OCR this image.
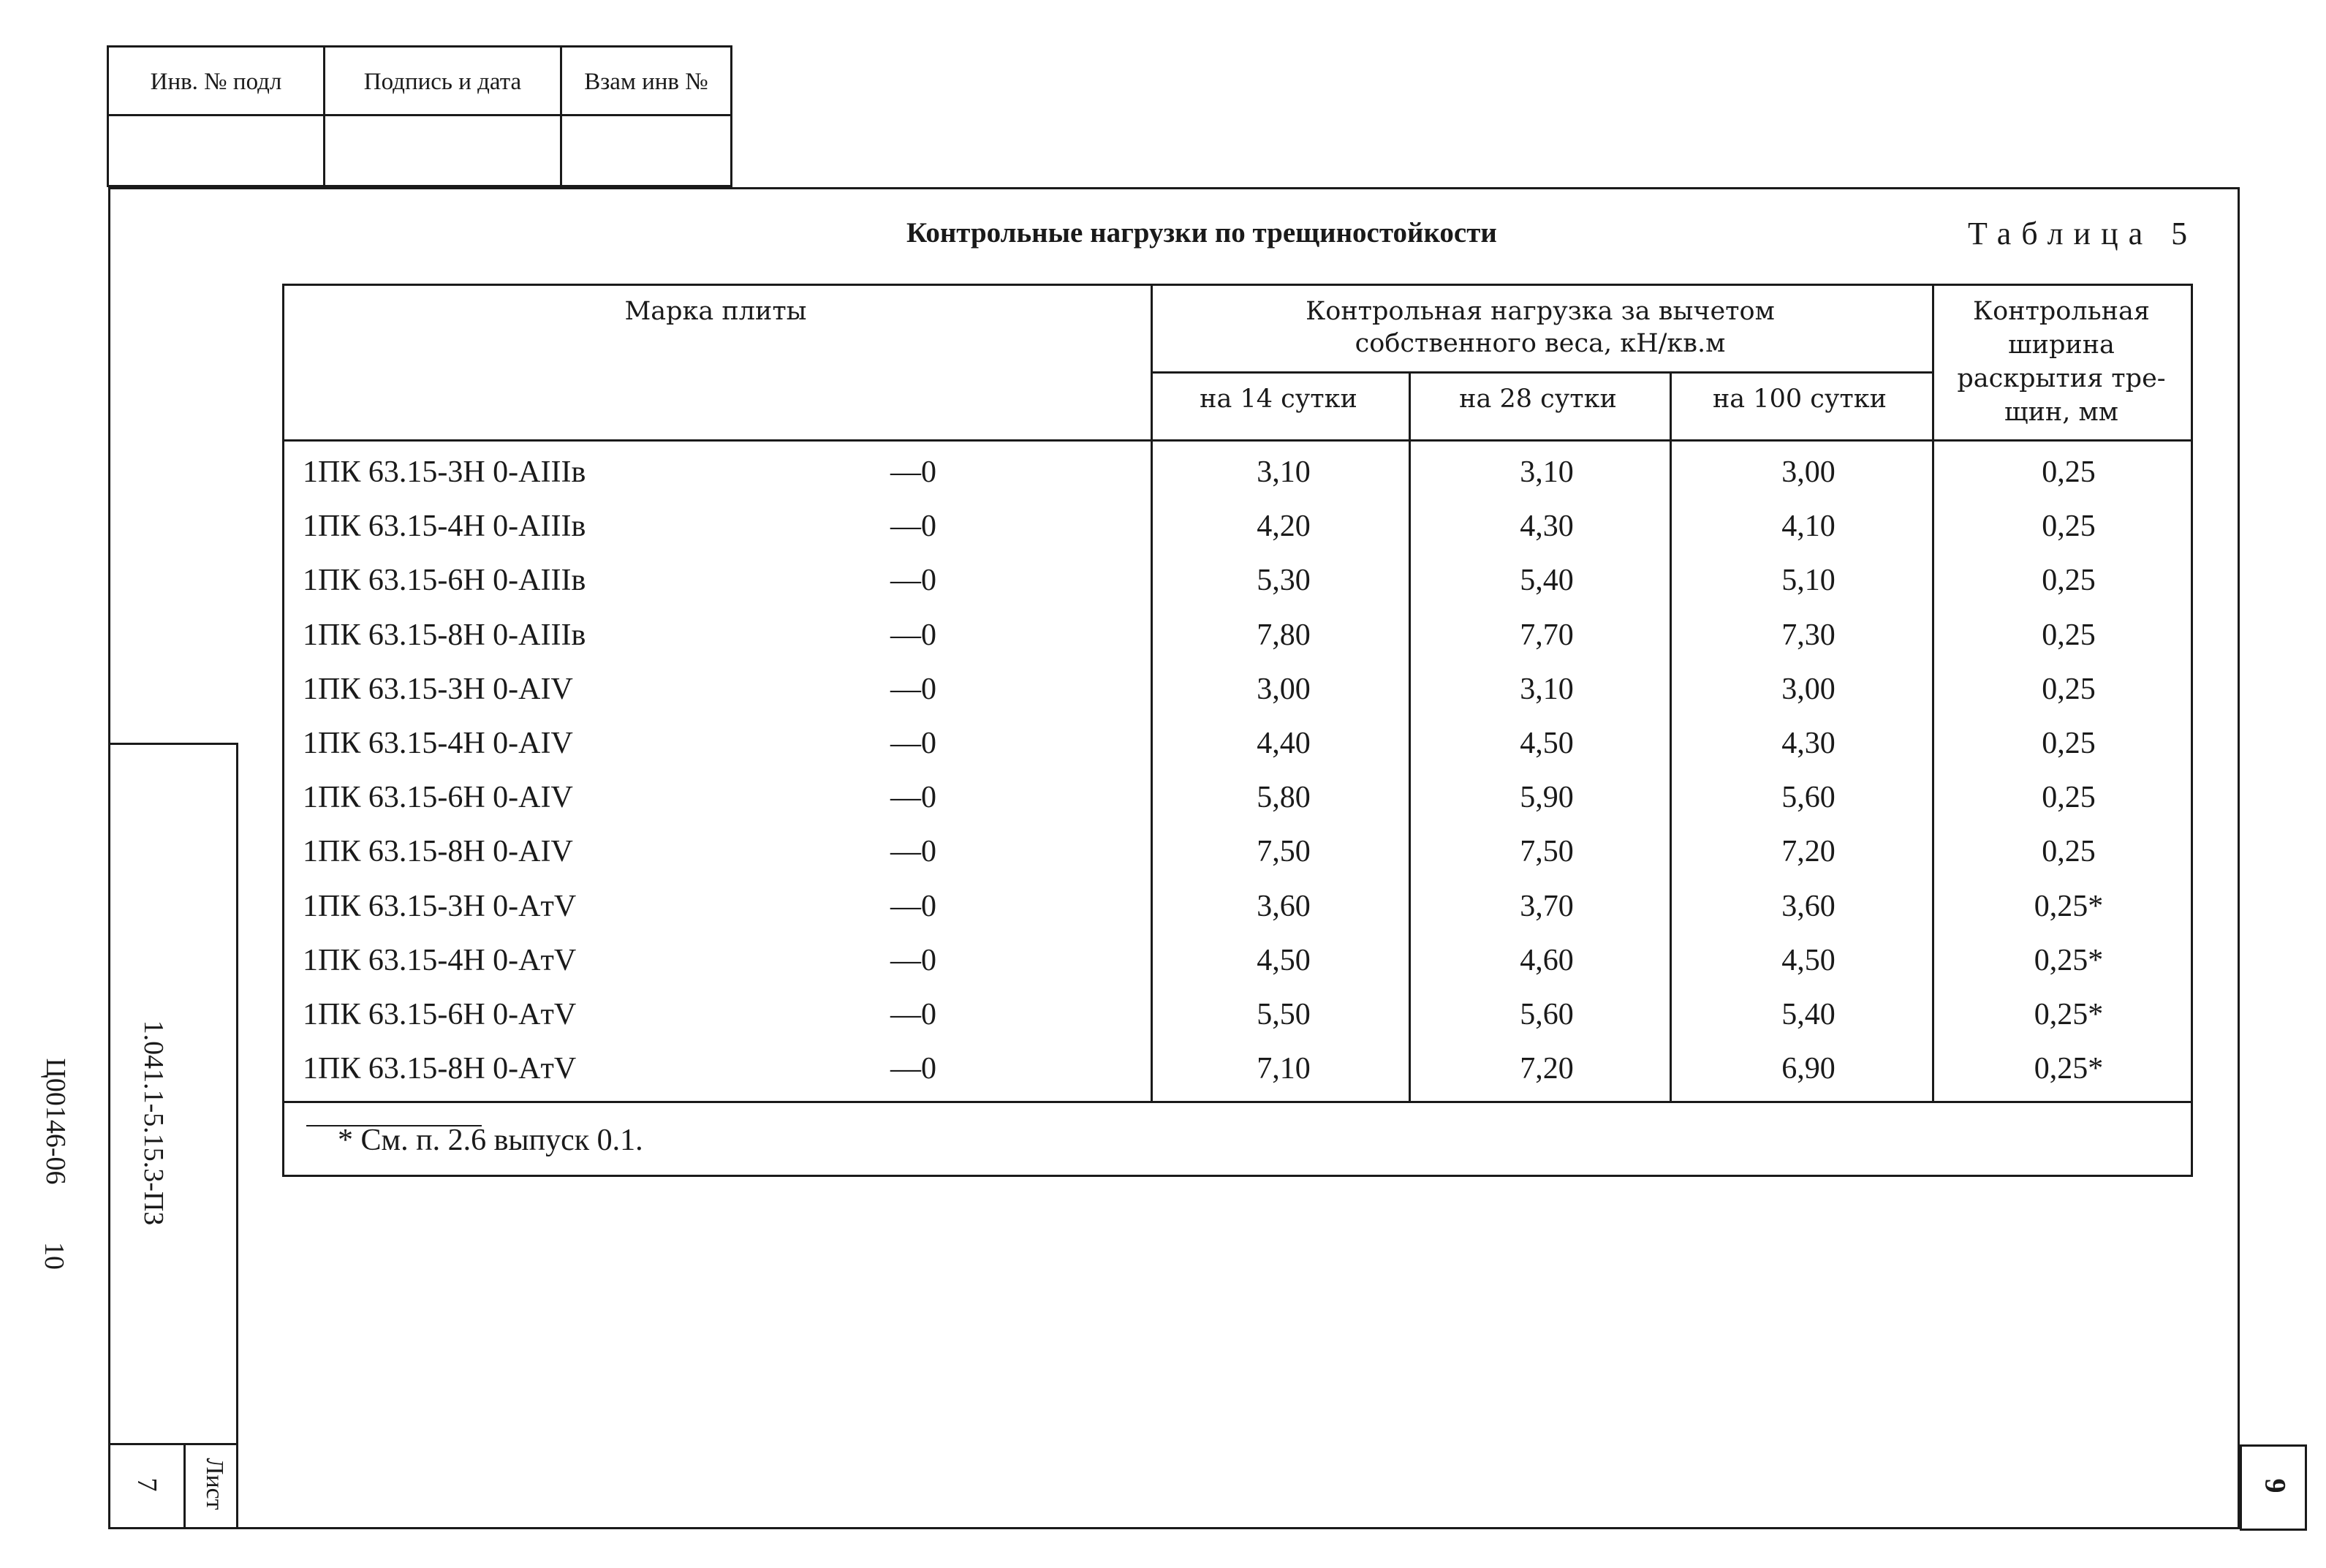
Инв. № подл	Подпись и дата	Взам инв №
Контрольные нагрузки по трещиностойкости	Таблица 5
Марка плиты	Контрольная нагрузка за вычетом
собственного веса, кН/кв.м
на 14 сутки	на 28 сутки	на 100 сутки
Контрольная
ширина
раскрытия тре-
щин, мм
1ПК 63.15-3Н 0-AIIIв	—0	3,10	3,10	3,00	0,25
1ПК 63.15-4Н 0-AIIIв	—0	4,20	4,30	4,10	0,25
1ПК 63.15-6Н 0-AIIIв	—0	5,30	5,40	5,10	0,25
1ПК 63.15-8Н 0-AIIIв	—0	7,80	7,70	7,30	0,25
1ПК 63.15-3Н 0-AIV	—0	3,00	3,10	3,00	0,25
1ПК 63.15-4Н 0-AIV	—0	4,40	4,50	4,30	0,25
1ПК 63.15-6Н 0-AIV	—0	5,80	5,90	5,60	0,25
1ПК 63.15-8Н 0-AIV	—0	7,50	7,50	7,20	0,25
1ПК 63.15-3Н 0-AтV	—0	3,60	3,70	3,60	0,25*
1ПК 63.15-4Н 0-AтV	—0	4,50	4,60	4,50	0,25*
1ПК 63.15-6Н 0-AтV	—0	5,50	5,60	5,40	0,25*
1ПК 63.15-8Н 0-AтV	—0	7,10	7,20	6,90	0,25*
* См. п. 2.6 выпуск 0.1.
1.041.1-5.15.3-ПЗ
Ц00146-06
10
Лист
7	9
